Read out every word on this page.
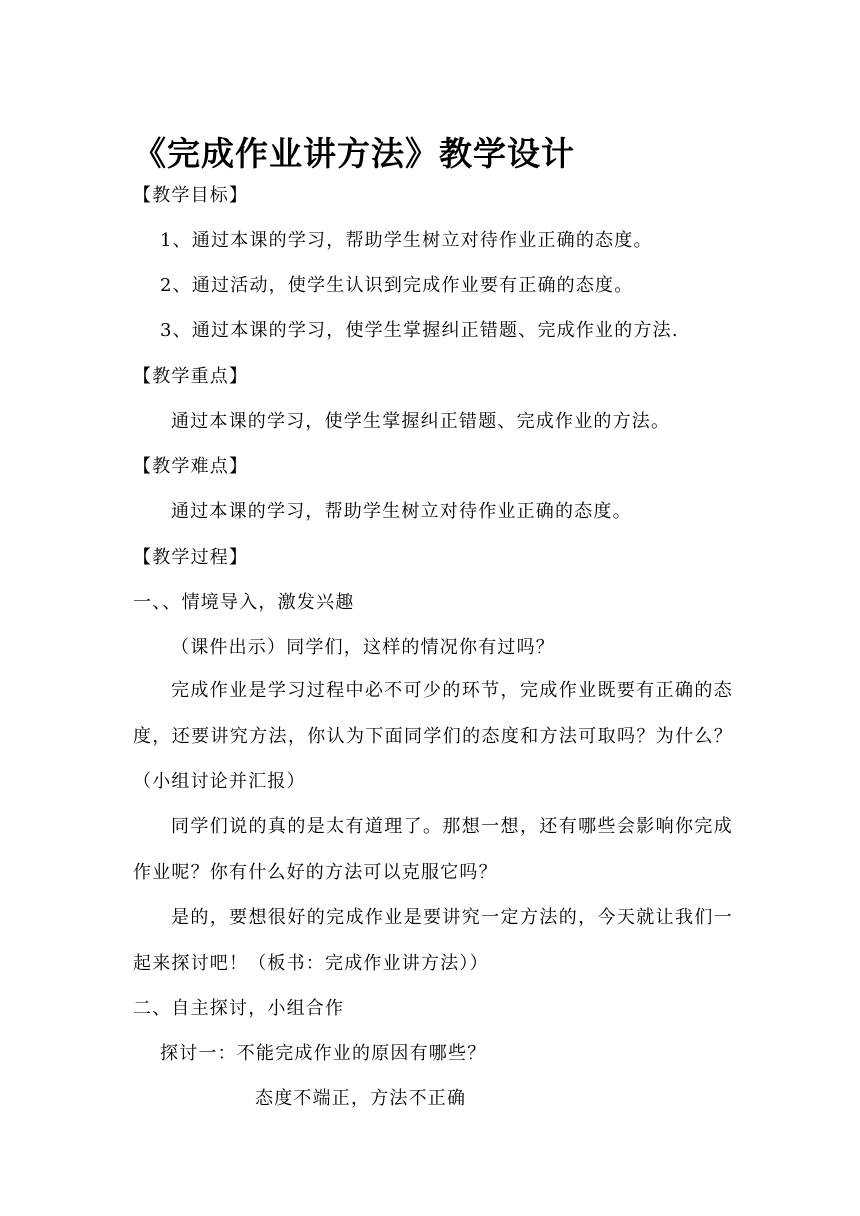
《完成作业讲方法》教学设计
【教学目标】
1、通过本课的学习，帮助学生树立对待作业正确的态度。
2、通过活动，使学生认识到完成作业要有正确的态度。
3、通过本课的学习，使学生掌握纠正错题、完成作业的方法.
【教学重点】
通过本课的学习，使学生掌握纠正错题、完成作业的方法。
【教学难点】
通过本课的学习，帮助学生树立对待作业正确的态度。
【教学过程】
一、、情境导入，激发兴趣
（课件出示）同学们，这样的情况你有过吗？
完成作业是学习过程中必不可少的环节，完成作业既要有正确的态度，还要讲究方法，你认为下面同学们的态度和方法可取吗？为什么？（小组讨论并汇报）
同学们说的真的是太有道理了。那想一想，还有哪些会影响你完成作业呢？你有什么好的方法可以克服它吗？
是的，要想很好的完成作业是要讲究一定方法的，今天就让我们一起来探讨吧！（板书：完成作业讲方法））
二、自主探讨，小组合作
探讨一：不能完成作业的原因有哪些？
态度不端正，方法不正确
